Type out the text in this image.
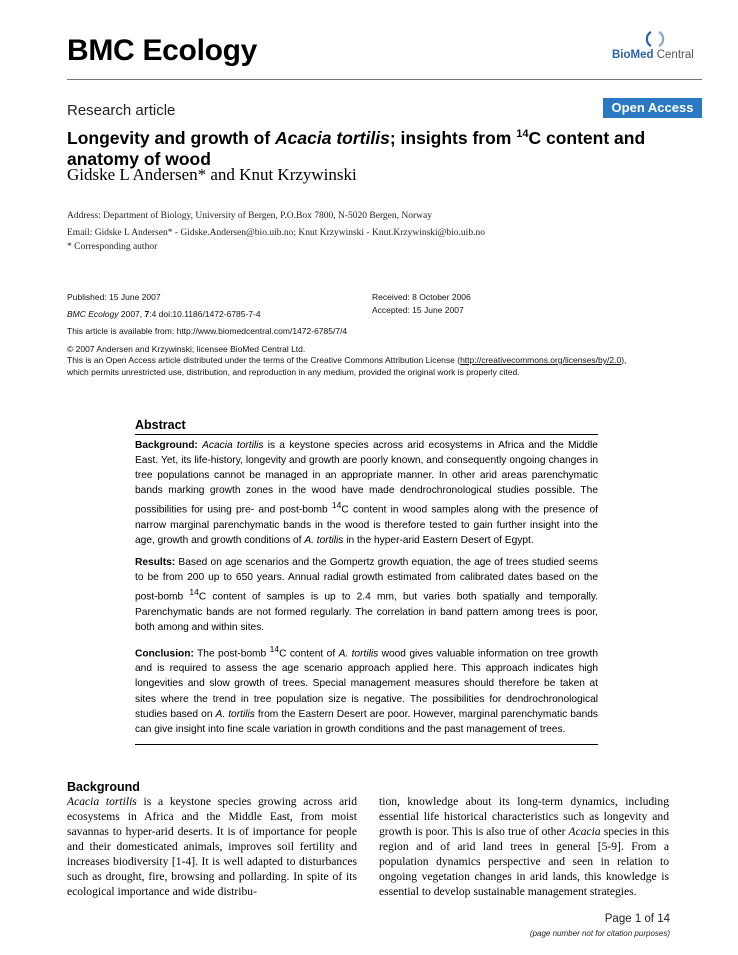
BMC Ecology	BioMed Central
Research article	Open Access
Longevity and growth of Acacia tortilis; insights from $^{14}$C content and anatomy of wood
Gidske L Andersen* and Knut Krzywinski
Address: Department of Biology, University of Bergen, P.O.Box 7800, N-5020 Bergen, Norway
Email: Gidske L Andersen* - Gidske.Andersen@bio.uib.no; Knut Krzywinski - Knut.Krzywinski@bio.uib.no
* Corresponding author
Published: 15 June 2007
BMC Ecology 2007, 7:4 doi:10.1186/1472-6785-7-4
Received: 8 October 2006
Accepted: 15 June 2007
This article is available from: http://www.biomedcentral.com/1472-6785/7/4
© 2007 Andersen and Krzywinski; licensee BioMed Central Ltd.
This is an Open Access article distributed under the terms of the Creative Commons Attribution License (http://creativecommons.org/licenses/by/2.0),
which permits unrestricted use, distribution, and reproduction in any medium, provided the original work is properly cited.
Abstract

Background: Acacia tortilis is a keystone species across arid ecosystems in Africa and the Middle East. Yet, its life-history, longevity and growth are poorly known, and consequently ongoing changes in tree populations cannot be managed in an appropriate manner. In other arid areas parenchymatic bands marking growth zones in the wood have made dendrochronological studies possible. The possibilities for using pre- and post-bomb $^{14}$C content in wood samples along with the presence of narrow marginal parenchymatic bands in the wood is therefore tested to gain further insight into the age, growth and growth conditions of A. tortilis in the hyper-arid Eastern Desert of Egypt.

Results: Based on age scenarios and the Gompertz growth equation, the age of trees studied seems to be from 200 up to 650 years. Annual radial growth estimated from calibrated dates based on the post-bomb $^{14}$C content of samples is up to 2.4 mm, but varies both spatially and temporally. Parenchymatic bands are not formed regularly. The correlation in band pattern among trees is poor, both among and within sites.

Conclusion: The post-bomb $^{14}$C content of A. tortilis wood gives valuable information on tree growth and is required to assess the age scenario approach applied here. This approach indicates high longevities and slow growth of trees. Special management measures should therefore be taken at sites where the trend in tree population size is negative. The possibilities for dendrochronological studies based on A. tortilis from the Eastern Desert are poor. However, marginal parenchymatic bands can give insight into fine scale variation in growth conditions and the past management of trees.

Background

Acacia tortilis is a keystone species growing across arid ecosystems in Africa and the Middle East, from moist savannas to hyper-arid deserts. It is of importance for people and their domesticated animals, improves soil fertility and increases biodiversity [1-4]. It is well adapted to disturbances such as drought, fire, browsing and pollarding. In spite of its ecological importance and wide distribu-

tion, knowledge about its long-term dynamics, including essential life historical characteristics such as longevity and growth is poor. This is also true of other Acacia species in this region and of arid land trees in general [5-9]. From a population dynamics perspective and seen in relation to ongoing vegetation changes in arid lands, this knowledge is essential to develop sustainable management strategies.

Page 1 of 14
(page number not for citation purposes)
